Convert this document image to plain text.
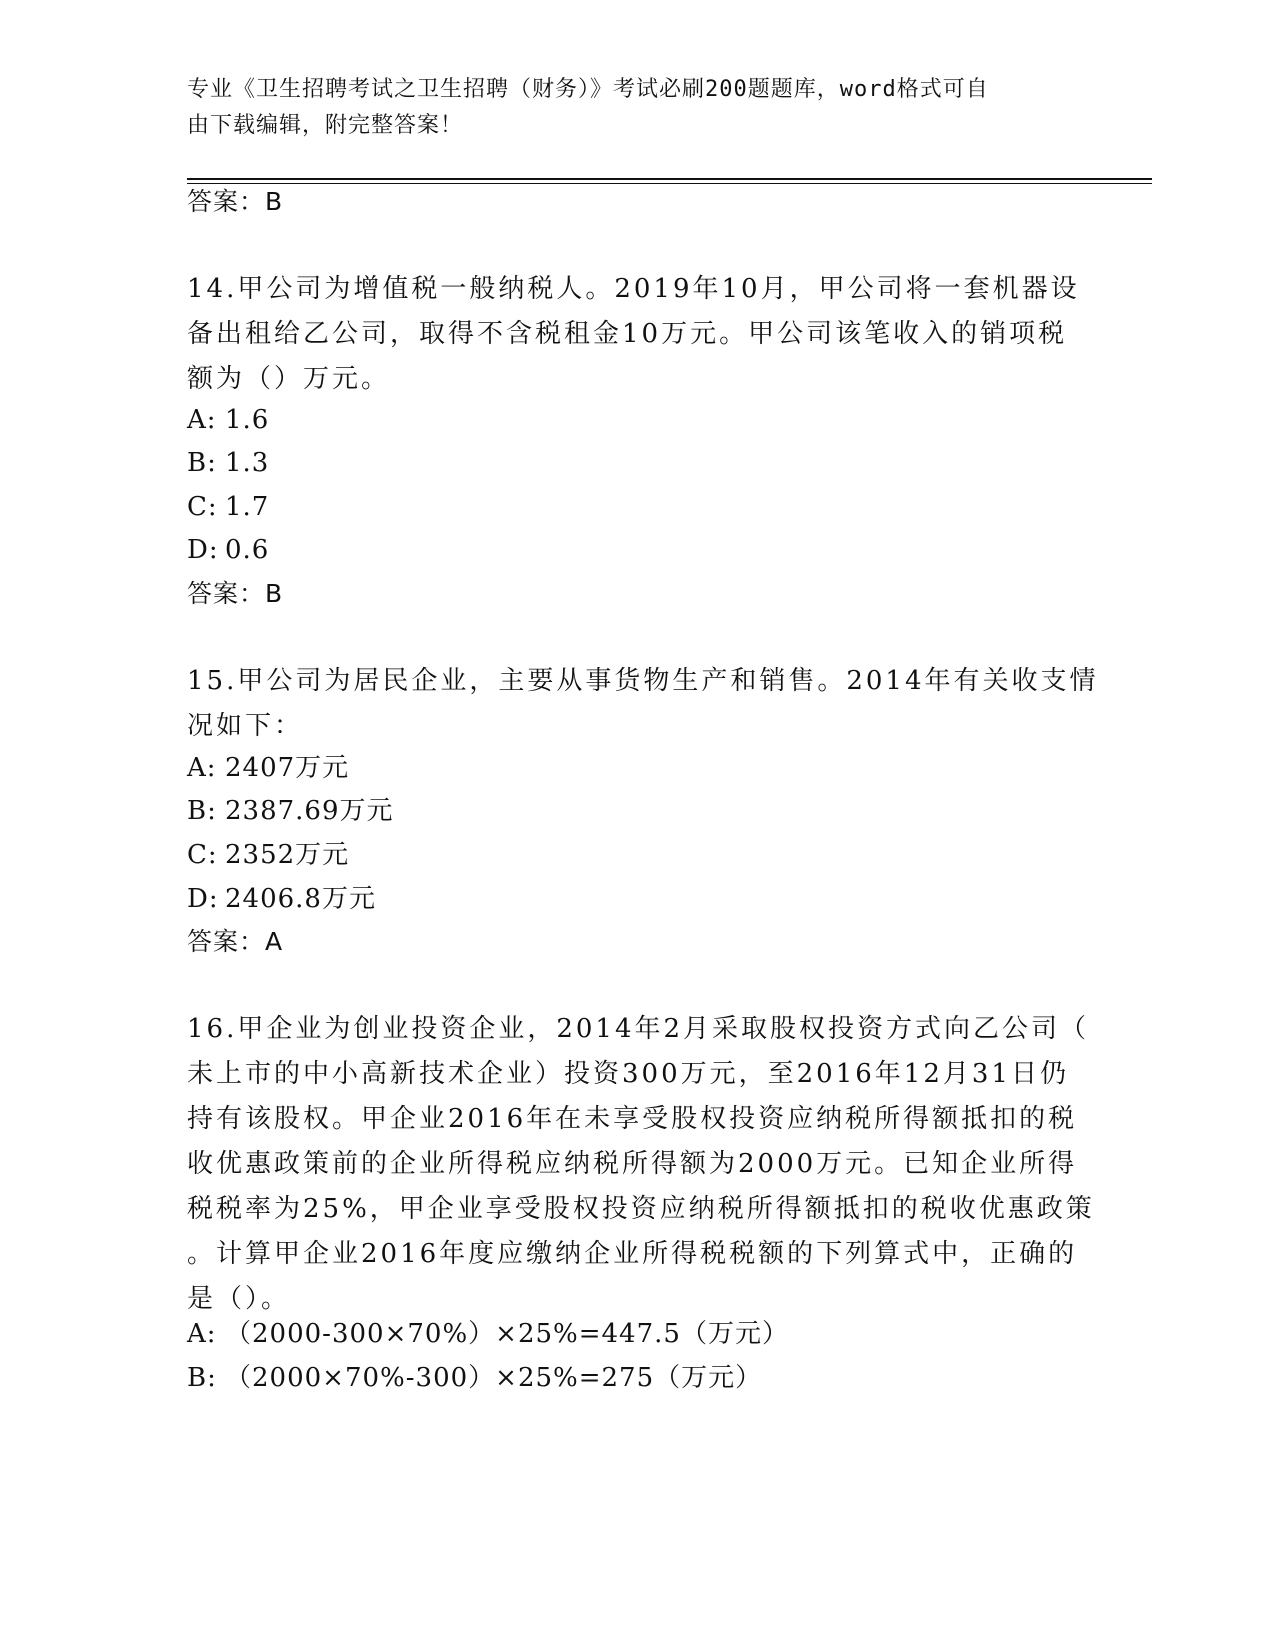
专业《卫生招聘考试之卫生招聘（财务）》考试必刷200题题库，word格式可自
由下载编辑，附完整答案！
答案：B
14.甲公司为增值税一般纳税人。2019年10月，甲公司将一套机器设
备出租给乙公司，取得不含税租金10万元。甲公司该笔收入的销项税
额为（）万元。
A: 1.6
B: 1.3
C: 1.7
D: 0.6
答案：B
15.甲公司为居民企业，主要从事货物生产和销售。2014年有关收支情
况如下：
A: 2407万元
B: 2387.69万元
C: 2352万元
D: 2406.8万元
答案：A
16.甲企业为创业投资企业，2014年2月采取股权投资方式向乙公司（
未上市的中小高新技术企业）投资300万元，至2016年12月31日仍
持有该股权。甲企业2016年在未享受股权投资应纳税所得额抵扣的税
收优惠政策前的企业所得税应纳税所得额为2000万元。已知企业所得
税税率为25%，甲企业享受股权投资应纳税所得额抵扣的税收优惠政策
。计算甲企业2016年度应缴纳企业所得税税额的下列算式中，正确的
是（）。
A: （2000-300×70%）×25%=447.5（万元）
B: （2000×70%-300）×25%=275（万元）
